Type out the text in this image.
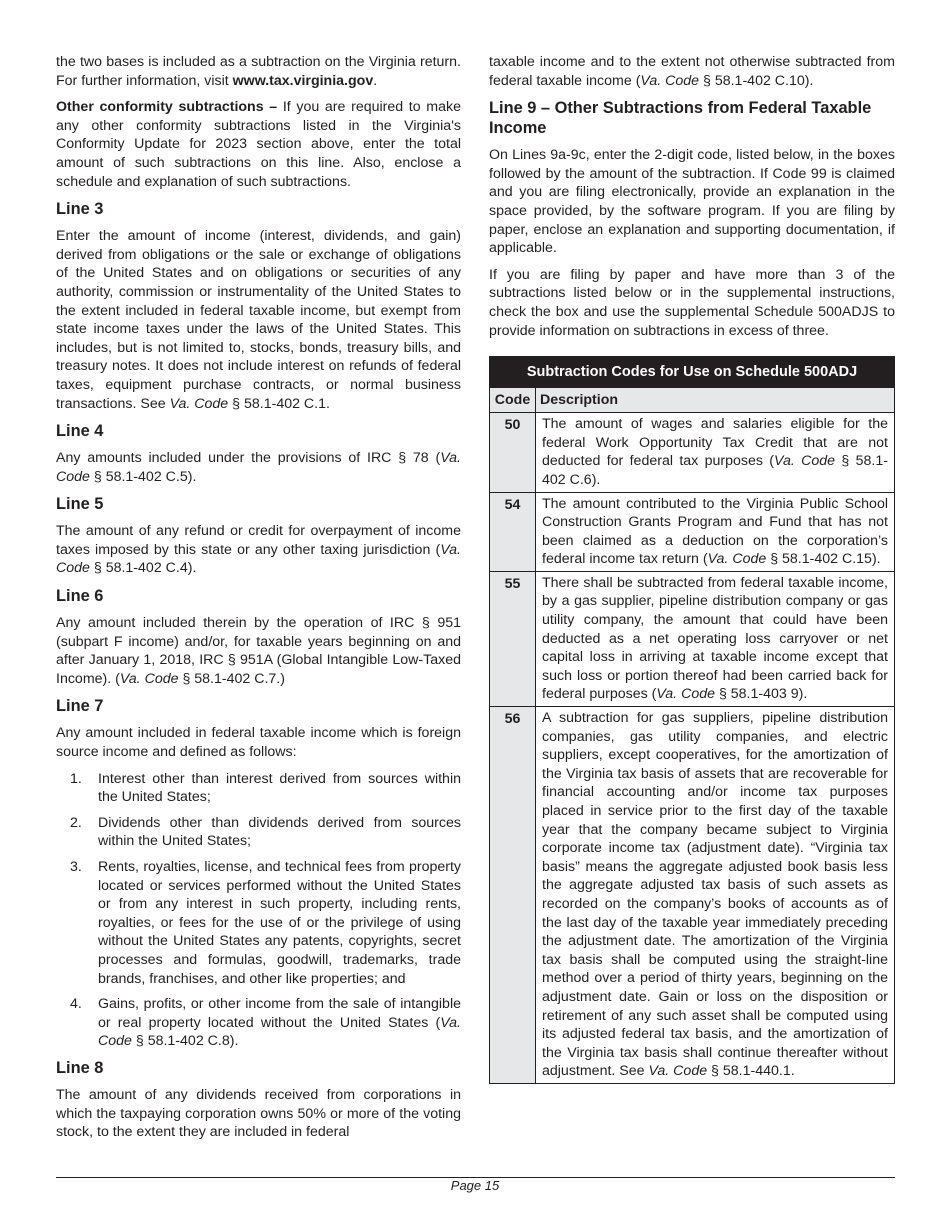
the two bases is included as a subtraction on the Virginia return. For further information, visit www.tax.virginia.gov.

Other conformity subtractions – If you are required to make any other conformity subtractions listed in the Virginia's Conformity Update for 2023 section above, enter the total amount of such subtractions on this line. Also, enclose a schedule and explanation of such subtractions.

Line 3

Enter the amount of income (interest, dividends, and gain) derived from obligations or the sale or exchange of obligations of the United States and on obligations or securities of any authority, commission or instrumentality of the United States to the extent included in federal taxable income, but exempt from state income taxes under the laws of the United States. This includes, but is not limited to, stocks, bonds, treasury bills, and treasury notes. It does not include interest on refunds of federal taxes, equipment purchase contracts, or normal business transactions. See Va. Code § 58.1-402 C.1.

Line 4

Any amounts included under the provisions of IRC § 78 (Va. Code § 58.1-402 C.5).

Line 5

The amount of any refund or credit for overpayment of income taxes imposed by this state or any other taxing jurisdiction (Va. Code § 58.1-402 C.4).

Line 6

Any amount included therein by the operation of IRC § 951 (subpart F income) and/or, for taxable years beginning on and after January 1, 2018, IRC § 951A (Global Intangible Low-Taxed Income). (Va. Code § 58.1-402 C.7.)

Line 7

Any amount included in federal taxable income which is foreign source income and defined as follows:

1. Interest other than interest derived from sources within the United States;
2. Dividends other than dividends derived from sources within the United States;
3. Rents, royalties, license, and technical fees from property located or services performed without the United States or from any interest in such property, including rents, royalties, or fees for the use of or the privilege of using without the United States any patents, copyrights, secret processes and formulas, goodwill, trademarks, trade brands, franchises, and other like properties; and
4. Gains, profits, or other income from the sale of intangible or real property located without the United States (Va. Code § 58.1-402 C.8).
Line 8

The amount of any dividends received from corporations in which the taxpaying corporation owns 50% or more of the voting stock, to the extent they are included in federal

taxable income and to the extent not otherwise subtracted from federal taxable income (Va. Code § 58.1-402 C.10).

Line 9 – Other Subtractions from Federal Taxable Income

On Lines 9a-9c, enter the 2-digit code, listed below, in the boxes followed by the amount of the subtraction. If Code 99 is claimed and you are filing electronically, provide an explanation in the space provided, by the software program. If you are filing by paper, enclose an explanation and supporting documentation, if applicable.

If you are filing by paper and have more than 3 of the subtractions listed below or in the supplemental instructions, check the box and use the supplemental Schedule 500ADJS to provide information on subtractions in excess of three.

Subtraction Codes for Use on Schedule 500ADJ	
Code	Description
50	The amount of wages and salaries eligible for the federal Work Opportunity Tax Credit that are not deducted for federal tax purposes (Va. Code § 58.1-402 C.6).
54	The amount contributed to the Virginia Public School Construction Grants Program and Fund that has not been claimed as a deduction on the corporation’s federal income tax return (Va. Code § 58.1-402 C.15).
55	There shall be subtracted from federal taxable income, by a gas supplier, pipeline distribution company or gas utility company, the amount that could have been deducted as a net operating loss carryover or net capital loss in arriving at taxable income except that such loss or portion thereof had been carried back for federal purposes (Va. Code § 58.1-403 9).
56	A subtraction for gas suppliers, pipeline distribution companies, gas utility companies, and electric suppliers, except cooperatives, for the amortization of the Virginia tax basis of assets that are recoverable for financial accounting and/or income tax purposes placed in service prior to the first day of the taxable year that the company became subject to Virginia corporate income tax (adjustment date). “Virginia tax basis” means the aggregate adjusted book basis less the aggregate adjusted tax basis of such assets as recorded on the company’s books of accounts as of the last day of the taxable year immediately preceding the adjustment date. The amortization of the Virginia tax basis shall be computed using the straight-line method over a period of thirty years, beginning on the adjustment date. Gain or loss on the disposition or retirement of any such asset shall be computed using its adjusted federal tax basis, and the amortization of the Virginia tax basis shall continue thereafter without adjustment. See Va. Code § 58.1-440.1.
Page 15
